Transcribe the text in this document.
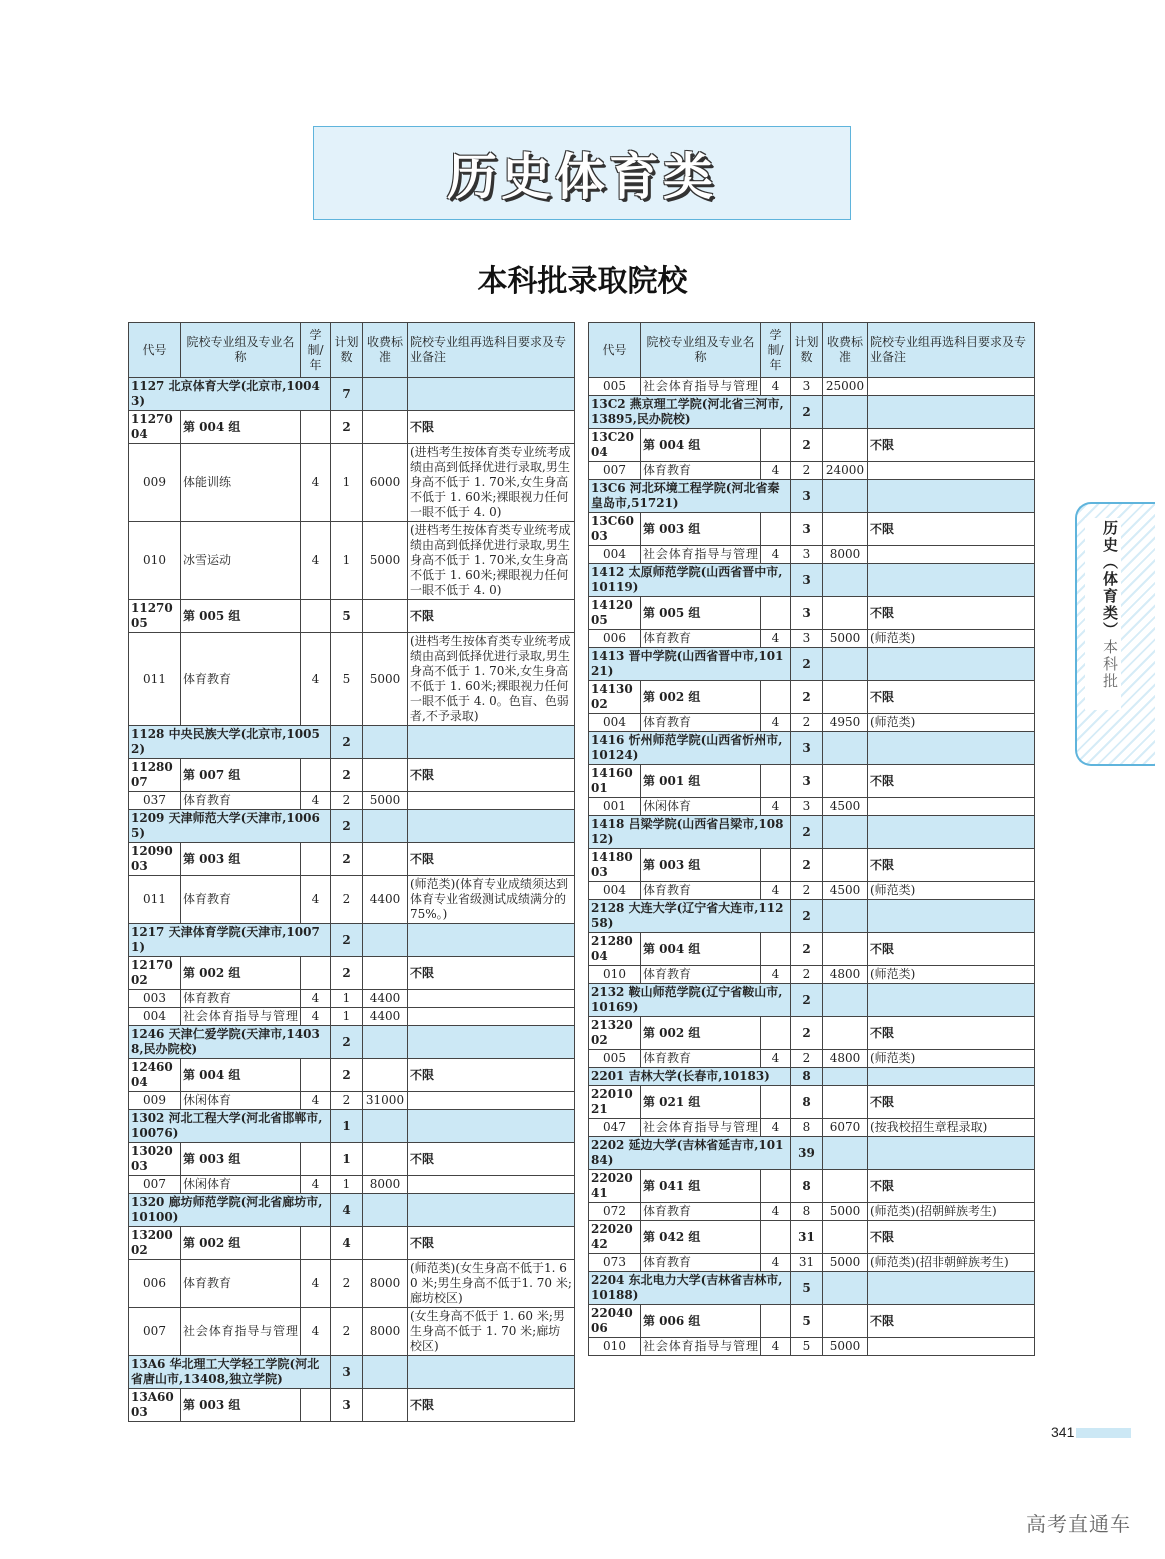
历史体育类
本科批录取院校
代号	院校专业组及专业名称	学制/年	计划数	收费标准	院校专业组再选科目要求及专业备注
1127 北京体育大学(北京市,10043)			7		
1127004	第 004 组		2		不限
009	体能训练	4	1	6000	(进档考生按体育类专业统考成绩由高到低择优进行录取,男生身高不低于 1. 70米,女生身高不低于 1. 60米;裸眼视力任何一眼不低于 4. 0)
010	冰雪运动	4	1	5000	(进档考生按体育类专业统考成绩由高到低择优进行录取,男生身高不低于 1. 70米,女生身高不低于 1. 60米;裸眼视力任何一眼不低于 4. 0)
1127005	第 005 组		5		不限
011	体育教育	4	5	5000	(进档考生按体育类专业统考成绩由高到低择优进行录取,男生身高不低于 1. 70米,女生身高不低于 1. 60米;裸眼视力任何一眼不低于 4. 0。色盲、色弱者,不予录取)
1128 中央民族大学(北京市,10052)			2		
1128007	第 007 组		2		不限
037	体育教育	4	2	5000	
1209 天津师范大学(天津市,10065)			2		
1209003	第 003 组		2		不限
011	体育教育	4	2	4400	(师范类)(体育专业成绩须达到体育专业省级测试成绩满分的 75%。)
1217 天津体育学院(天津市,10071)			2		
1217002	第 002 组		2		不限
003	体育教育	4	1	4400	
004	社会体育指导与管理	4	1	4400	
1246 天津仁爱学院(天津市,14038,民办院校)			2		
1246004	第 004 组		2		不限
009	休闲体育	4	2	31000	
1302 河北工程大学(河北省邯郸市,10076)			1		
1302003	第 003 组		1		不限
007	休闲体育	4	1	8000	
1320 廊坊师范学院(河北省廊坊市,10100)			4		
1320002	第 002 组		4		不限
006	体育教育	4	2	8000	(师范类)(女生身高不低于1. 60 米;男生身高不低于1. 70 米;廊坊校区)
007	社会体育指导与管理	4	2	8000	(女生身高不低于 1. 60 米;男生身高不低于 1. 70 米;廊坊校区)
13A6 华北理工大学轻工学院(河北省唐山市,13408,独立学院)			3		
13A6003	第 003 组		3		不限
代号	院校专业组及专业名称	学制/年	计划数	收费标准	院校专业组再选科目要求及专业备注
005	社会体育指导与管理	4	3	25000	
13C2 燕京理工学院(河北省三河市,13895,民办院校)			2		
13C2004	第 004 组		2		不限
007	体育教育	4	2	24000	
13C6 河北环境工程学院(河北省秦皇岛市,51721)			3		
13C6003	第 003 组		3		不限
004	社会体育指导与管理	4	3	8000	
1412 太原师范学院(山西省晋中市,10119)			3		
1412005	第 005 组		3		不限
006	体育教育	4	3	5000	(师范类)
1413 晋中学院(山西省晋中市,10121)			2		
1413002	第 002 组		2		不限
004	体育教育	4	2	4950	(师范类)
1416 忻州师范学院(山西省忻州市,10124)			3		
1416001	第 001 组		3		不限
001	休闲体育	4	3	4500	
1418 吕梁学院(山西省吕梁市,10812)			2		
1418003	第 003 组		2		不限
004	体育教育	4	2	4500	(师范类)
2128 大连大学(辽宁省大连市,11258)			2		
2128004	第 004 组		2		不限
010	体育教育	4	2	4800	(师范类)
2132 鞍山师范学院(辽宁省鞍山市,10169)			2		
2132002	第 002 组		2		不限
005	体育教育	4	2	4800	(师范类)
2201 吉林大学(长春市,10183)			8		
2201021	第 021 组		8		不限
047	社会体育指导与管理	4	8	6070	(按我校招生章程录取)
2202 延边大学(吉林省延吉市,10184)			39		
2202041	第 041 组		8		不限
072	体育教育	4	8	5000	(师范类)(招朝鲜族考生)
2202042	第 042 组		31		不限
073	体育教育	4	31	5000	(师范类)(招非朝鲜族考生)
2204 东北电力大学(吉林省吉林市,10188)			5		
2204006	第 006 组		5		不限
010	社会体育指导与管理	4	5	5000	
历史（体育类）本科批
341
高考直通车
